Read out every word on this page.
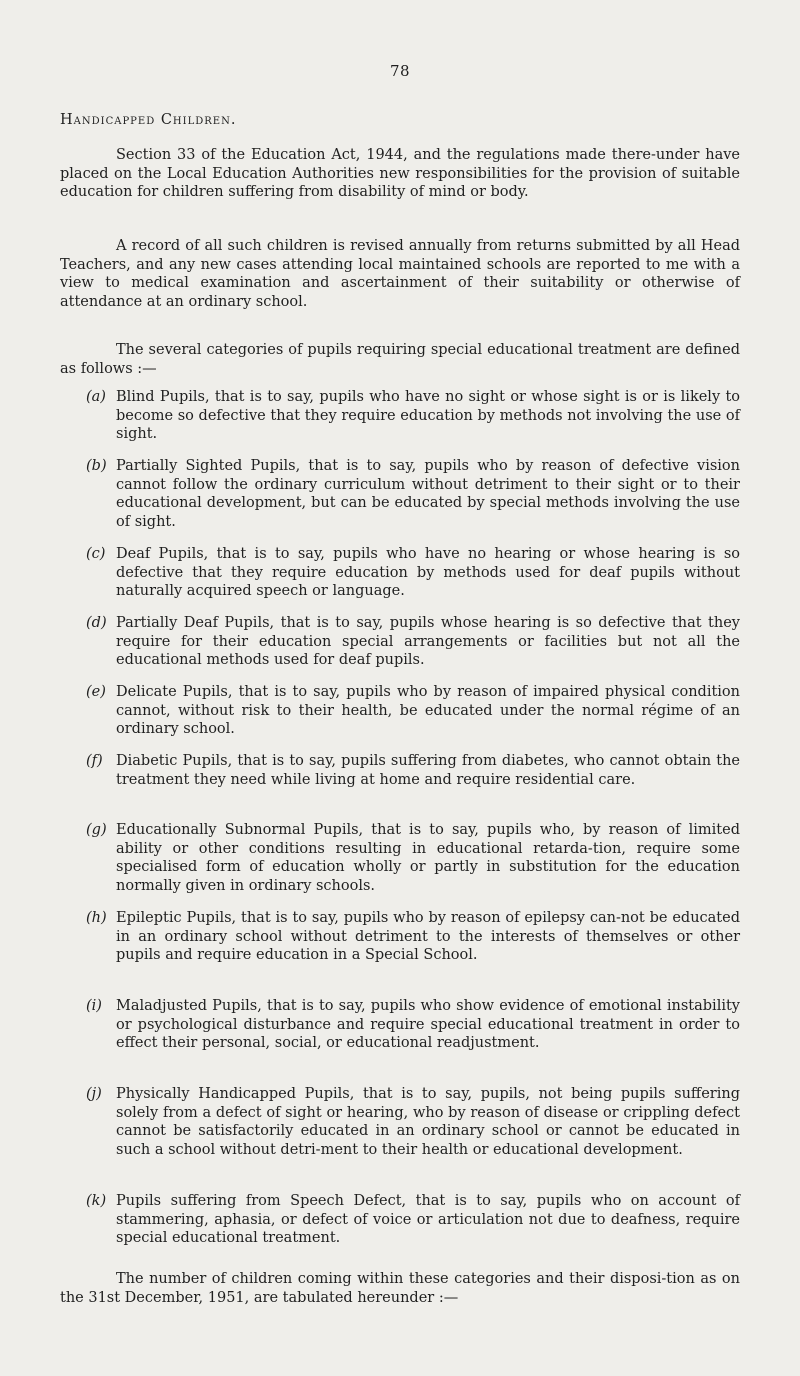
78
Handicapped Children.

Section 33 of the Education Act, 1944, and the regulations made there-under have placed on the Local Education Authorities new responsibilities for the provision of suitable education for children suffering from disability of mind or body.

A record of all such children is revised annually from returns submitted by all Head Teachers, and any new cases attending local maintained schools are reported to me with a view to medical examination and ascertainment of their suitability or otherwise of attendance at an ordinary school.

The several categories of pupils requiring special educational treatment are defined as follows :—

(a) Blind Pupils, that is to say, pupils who have no sight or whose sight is or is likely to become so defective that they require education by methods not involving the use of sight.
(b) Partially Sighted Pupils, that is to say, pupils who by reason of defective vision cannot follow the ordinary curriculum without detriment to their sight or to their educational development, but can be educated by special methods involving the use of sight.
(c) Deaf Pupils, that is to say, pupils who have no hearing or whose hearing is so defective that they require education by methods used for deaf pupils without naturally acquired speech or language.
(d) Partially Deaf Pupils, that is to say, pupils whose hearing is so defective that they require for their education special arrangements or facilities but not all the educational methods used for deaf pupils.
(e) Delicate Pupils, that is to say, pupils who by reason of impaired physical condition cannot, without risk to their health, be educated under the normal régime of an ordinary school.
(f) Diabetic Pupils, that is to say, pupils suffering from diabetes, who cannot obtain the treatment they need while living at home and require residential care.
(g) Educationally Subnormal Pupils, that is to say, pupils who, by reason of limited ability or other conditions resulting in educational retarda-tion, require some specialised form of education wholly or partly in substitution for the education normally given in ordinary schools.
(h) Epileptic Pupils, that is to say, pupils who by reason of epilepsy can-not be educated in an ordinary school without detriment to the interests of themselves or other pupils and require education in a Special School.
(i) Maladjusted Pupils, that is to say, pupils who show evidence of emotional instability or psychological disturbance and require special educational treatment in order to effect their personal, social, or educational readjustment.
(j) Physically Handicapped Pupils, that is to say, pupils, not being pupils suffering solely from a defect of sight or hearing, who by reason of disease or crippling defect cannot be satisfactorily educated in an ordinary school or cannot be educated in such a school without detri-ment to their health or educational development.
(k) Pupils suffering from Speech Defect, that is to say, pupils who on account of stammering, aphasia, or defect of voice or articulation not due to deafness, require special educational treatment.

The number of children coming within these categories and their disposi-tion as on the 31st December, 1951, are tabulated hereunder :—
